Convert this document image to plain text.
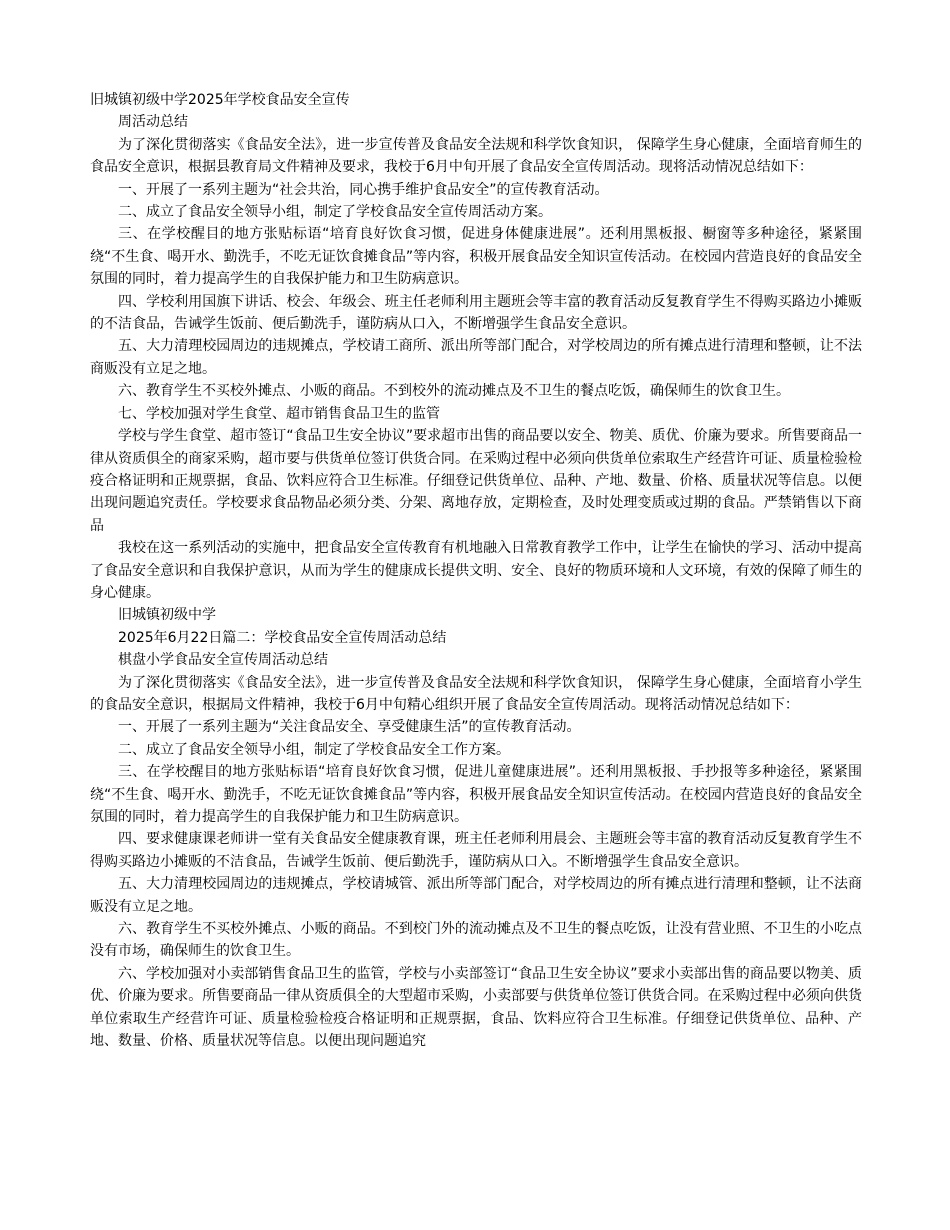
旧城镇初级中学2025年学校食品安全宣传

周活动总结

为了深化贯彻落实《食品安全法》，进一步宣传普及食品安全法规和科学饮食知识， 保障学生身心健康，全面培育师生的食品安全意识，根据县教育局文件精神及要求，我校于6月中旬开展了食品安全宣传周活动。现将活动情况总结如下：

一、开展了一系列主题为“社会共治，同心携手维护食品安全”的宣传教育活动。

二、成立了食品安全领导小组，制定了学校食品安全宣传周活动方案。

三、在学校醒目的地方张贴标语“培育良好饮食习惯，促进身体健康进展”。还利用黑板报、橱窗等多种途径，紧紧围绕“不生食、喝开水、勤洗手，不吃无证饮食摊食品”等内容，积极开展食品安全知识宣传活动。在校园内营造良好的食品安全氛围的同时，着力提高学生的自我保护能力和卫生防病意识。

四、学校利用国旗下讲话、校会、年级会、班主任老师利用主题班会等丰富的教育活动反复教育学生不得购买路边小摊贩的不洁食品，告诫学生饭前、便后勤洗手，谨防病从口入，不断增强学生食品安全意识。

五、大力清理校园周边的违规摊点，学校请工商所、派出所等部门配合，对学校周边的所有摊点进行清理和整顿，让不法商贩没有立足之地。

六、教育学生不买校外摊点、小贩的商品。不到校外的流动摊点及不卫生的餐点吃饭，确保师生的饮食卫生。

七、学校加强对学生食堂、超市销售食品卫生的监管

学校与学生食堂、超市签订“食品卫生安全协议”要求超市出售的商品要以安全、物美、质优、价廉为要求。所售要商品一律从资质俱全的商家采购，超市要与供货单位签订供货合同。在采购过程中必须向供货单位索取生产经营许可证、质量检验检疫合格证明和正规票据，食品、饮料应符合卫生标准。仔细登记供货单位、品种、产地、数量、价格、质量状况等信息。以便出现问题追究责任。学校要求食品物品必须分类、分架、离地存放，定期检查，及时处理变质或过期的食品。严禁销售以下商品

我校在这一系列活动的实施中，把食品安全宣传教育有机地融入日常教育教学工作中，让学生在愉快的学习、活动中提高了食品安全意识和自我保护意识，从而为学生的健康成长提供文明、安全、良好的物质环境和人文环境，有效的保障了师生的身心健康。

旧城镇初级中学

2025年6月22日篇二：学校食品安全宣传周活动总结

棋盘小学食品安全宣传周活动总结

为了深化贯彻落实《食品安全法》，进一步宣传普及食品安全法规和科学饮食知识， 保障学生身心健康，全面培育小学生的食品安全意识，根据局文件精神，我校于6月中旬精心组织开展了食品安全宣传周活动。现将活动情况总结如下：

一、开展了一系列主题为“关注食品安全、享受健康生活”的宣传教育活动。

二、成立了食品安全领导小组，制定了学校食品安全工作方案。

三、在学校醒目的地方张贴标语“培育良好饮食习惯，促进儿童健康进展”。还利用黑板报、手抄报等多种途径，紧紧围绕“不生食、喝开水、勤洗手，不吃无证饮食摊食品”等内容，积极开展食品安全知识宣传活动。在校园内营造良好的食品安全氛围的同时，着力提高学生的自我保护能力和卫生防病意识。

四、要求健康课老师讲一堂有关食品安全健康教育课，班主任老师利用晨会、主题班会等丰富的教育活动反复教育学生不得购买路边小摊贩的不洁食品，告诫学生饭前、便后勤洗手，谨防病从口入。不断增强学生食品安全意识。

五、大力清理校园周边的违规摊点，学校请城管、派出所等部门配合，对学校周边的所有摊点进行清理和整顿，让不法商贩没有立足之地。

六、教育学生不买校外摊点、小贩的商品。不到校门外的流动摊点及不卫生的餐点吃饭，让没有营业照、不卫生的小吃点没有市场，确保师生的饮食卫生。

六、学校加强对小卖部销售食品卫生的监管，学校与小卖部签订“食品卫生安全协议”要求小卖部出售的商品要以物美、质优、价廉为要求。所售要商品一律从资质俱全的大型超市采购，小卖部要与供货单位签订供货合同。在采购过程中必须向供货单位索取生产经营许可证、质量检验检疫合格证明和正规票据，食品、饮料应符合卫生标准。仔细登记供货单位、品种、产地、数量、价格、质量状况等信息。以便出现问题追究
